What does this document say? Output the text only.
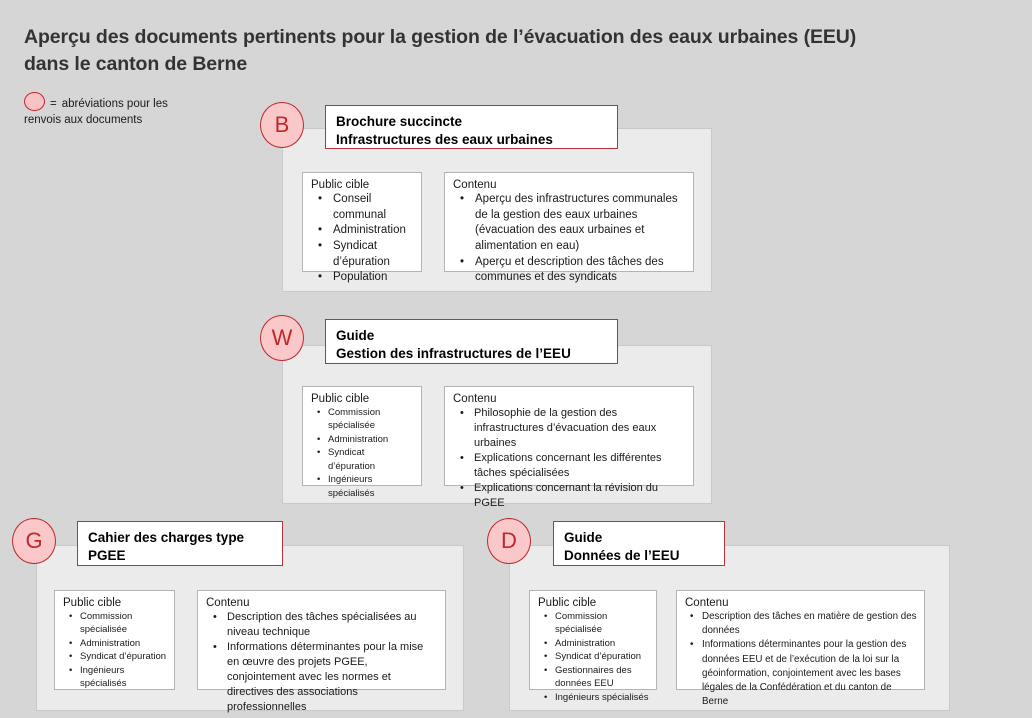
Aperçu des documents pertinents pour la gestion de l’évacuation des eaux urbaines (EEU)
dans le canton de Berne
= abréviations pour les
renvois aux documents	B	Brochure succincte
Infrastructures des eaux urbaines
Public cible
• Conseil communal
• Administration
• Syndicat
d’épuration
• Population
Contenu
• Aperçu des infrastructures communales de la gestion des eaux urbaines (évacuation des eaux urbaines et alimentation en eau)
• Aperçu et description des tâches des communes et des syndicats
W	Guide
Gestion des infrastructures de l’EEU
Public cible
• Commission spécialisée
• Administration
• Syndicat
d’épuration
• Ingénieurs spécialisés
Contenu
• Philosophie de la gestion des infrastructures d’évacuation des eaux urbaines
• Explications concernant les différentes tâches spécialisées
• Explications concernant la révision du PGEE
G	Cahier des charges type
PGEE
Public cible
• Commission spécialisée
• Administration
• Syndicat d’épuration
• Ingénieurs spécialisés
Contenu
• Description des tâches spécialisées au niveau technique
• Informations déterminantes pour la mise en œuvre des projets PGEE, conjointement avec les normes et directives des associations professionnelles
D	Guide
Données de l’EEU
Public cible
• Commission spécialisée
• Administration
• Syndicat d’épuration
• Gestionnaires des
données EEU
• Ingénieurs spécialisés
Contenu
• Description des tâches en matière de gestion des données
• Informations déterminantes pour la gestion des données EEU et de l’exécution de la loi sur la géoinformation, conjointement avec les bases légales de la Confédération et du canton de Berne
